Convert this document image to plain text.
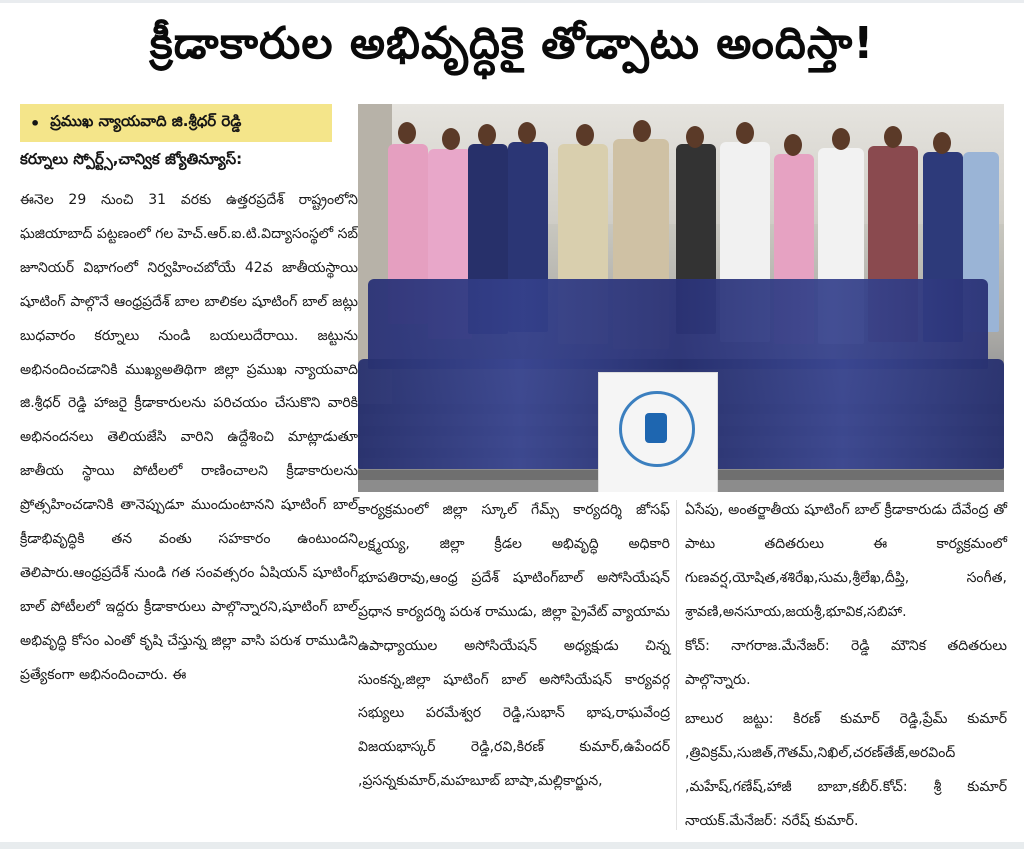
క్రీడాకారుల అభివృద్ధికై తోడ్పాటు అందిస్తా!
• ప్రముఖ న్యాయవాది జి.శ్రీధర్ రెడ్డి
కర్నూలు స్పోర్ట్స్,చాన్విక జ్యోతిన్యూస్:
ఈనెల 29 నుంచి 31 వరకు ఉత్తరప్రదేశ్ రాష్ట్రంలోని ఘజియాబాద్ పట్టణంలో గల హెచ్.ఆర్.ఐ.టి.విద్యాసంస్థలో సబ్ జూనియర్ విభాగంలో నిర్వహించబోయే 42వ జాతీయస్థాయి షూటింగ్ పాల్గొనే ఆంధ్రప్రదేశ్ బాల బాలికల షూటింగ్ బాల్ జట్లు బుధవారం కర్నూలు నుండి బయలుదేరాయి. జట్టును అభినందించడానికి ముఖ్యఅతిథిగా జిల్లా ప్రముఖ న్యాయవాది జి.శ్రీధర్ రెడ్డి హాజరై క్రీడాకారులను పరిచయం చేసుకొని వారికి అభినందనలు తెలియజేసి వారిని ఉద్దేశించి మాట్లాడుతూ జాతీయ స్థాయి పోటీలలో రాణించాలని క్రీడాకారులను ప్రోత్సహించడానికి తానెప్పుడూ ముందుంటానని షూటింగ్ బాల్ క్రీడాభివృద్ధికి తన వంతు సహకారం ఉంటుందని తెలిపారు.ఆంధ్రప్రదేశ్ నుండి గత సంవత్సరం ఏషియన్ షూటింగ్ బాల్ పోటీలలో ఇద్దరు క్రీడాకారులు పాల్గొన్నారని,షూటింగ్ బాల్ అభివృద్ధి కోసం ఎంతో కృషి చేస్తున్న జిల్లా వాసి పరుశ రాముడిని ప్రత్యేకంగా అభినందించారు. ఈ
కార్యక్రమంలో జిల్లా స్కూల్ గేమ్స్ కార్యదర్శి జోసఫ్ లక్ష్మయ్య, జిల్లా క్రీడల అభివృద్ధి అధికారి భూపతిరావు,ఆంధ్ర ప్రదేశ్ షూటింగ్‌బాల్ అసోసియేషన్ ప్రధాన కార్యదర్శి పరుశ రాముడు, జిల్లా ప్రైవేట్ వ్యాయామ ఉపాధ్యాయుల అసోసియేషన్ అధ్యక్షుడు చిన్న సుంకన్న,జిల్లా షూటింగ్ బాల్ అసోసియేషన్ కార్యవర్గ సభ్యులు పరమేశ్వర రెడ్డి,సుభాన్ భాష,రాఘవేంద్ర విజయభాస్కర్ రెడ్డి,రవి,కిరణ్ కుమార్,ఉపేందర్ ,ప్రసన్నకుమార్,మహబూబ్ బాషా,మల్లికార్జున,
ఏసేపు, అంతర్జాతీయ షూటింగ్ బాల్ క్రీడాకారుడు దేవేంద్ర తో పాటు తదితరులు ఈ కార్యక్రమంలో గుణవర్ష,యోషిత,శశిరేఖ,సుమ,శ్రీలేఖ,దీప్తి, సంగీత, శ్రావణి,అనసూయ,జయశ్రీ,భూవిక,సబిహా.
కోచ్: నాగరాజ.మేనేజర్: రెడ్డి మౌనిక తదితరులు పాల్గొన్నారు.
బాలుర జట్టు: కిరణ్ కుమార్ రెడ్డి,ప్రేమ్ కుమార్ ,త్రివిక్రమ్,సుజిత్,గౌతమ్,నిఖిల్,చరణ్‌తేజ్,అరవింద్ ,మహేష్,గణేష్,హాజీ బాబా,కబీర్.కోచ్: శ్రీ కుమార్ నాయక్.మేనేజర్: నరేష్ కుమార్.
